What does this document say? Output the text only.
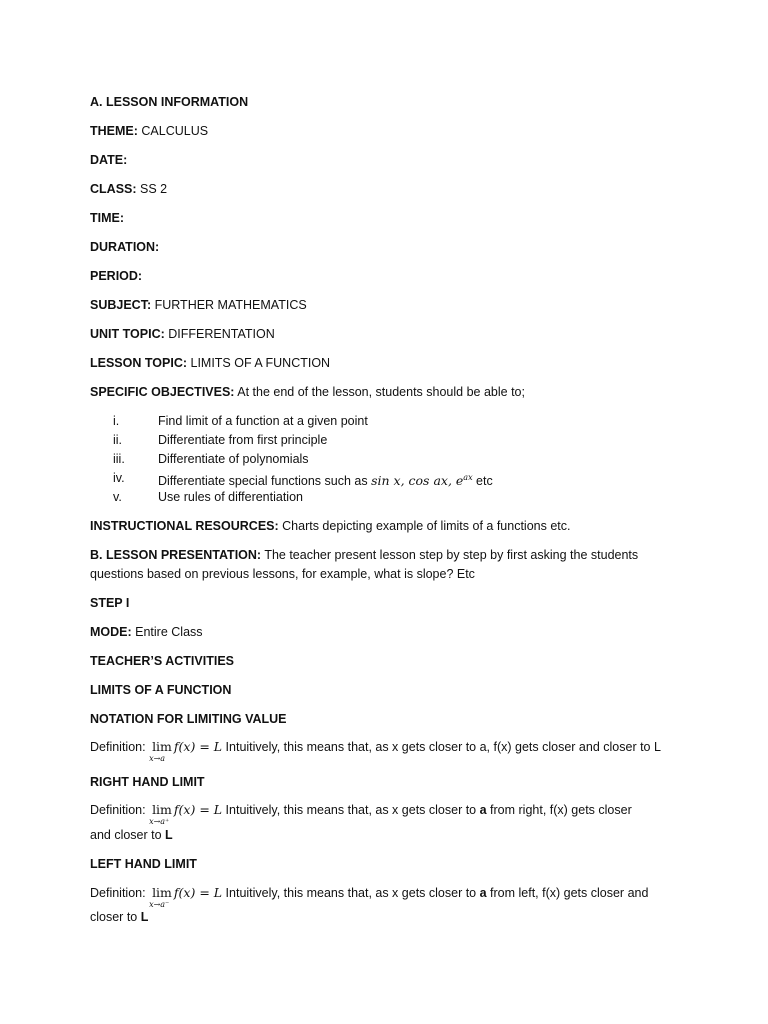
A. LESSON INFORMATION
THEME: CALCULUS
DATE:
CLASS: SS 2
TIME:
DURATION:
PERIOD:
SUBJECT: FURTHER MATHEMATICS
UNIT TOPIC: DIFFERENTATION
LESSON TOPIC: LIMITS OF A FUNCTION
SPECIFIC OBJECTIVES: At the end of the lesson, students should be able to;
i.	Find limit of a function at a given point
ii.	Differentiate from first principle
iii.	Differentiate of polynomials
iv.	Differentiate special functions such as sin x, cos ax, $e^{ax}$ etc
v.	Use rules of differentiation
INSTRUCTIONAL RESOURCES: Charts depicting example of limits of a functions etc.
B. LESSON PRESENTATION: The teacher present lesson step by step by first asking the students
questions based on previous lessons, for example, what is slope? Etc
STEP I
MODE: Entire Class
TEACHER’S ACTIVITIES
LIMITS OF A FUNCTION
NOTATION FOR LIMITING VALUE
Definition: lim
x→a
f(x) = L Intuitively, this means that, as x gets closer to a, f(x) gets closer and closer to L
RIGHT HAND LIMIT
Definition: lim
x→a⁺
f(x) = L Intuitively, this means that, as x gets closer to a from right, f(x) gets closer
and closer to L
LEFT HAND LIMIT
Definition: lim
x→a⁻
f(x) = L Intuitively, this means that, as x gets closer to a from left, f(x) gets closer and
closer to L
